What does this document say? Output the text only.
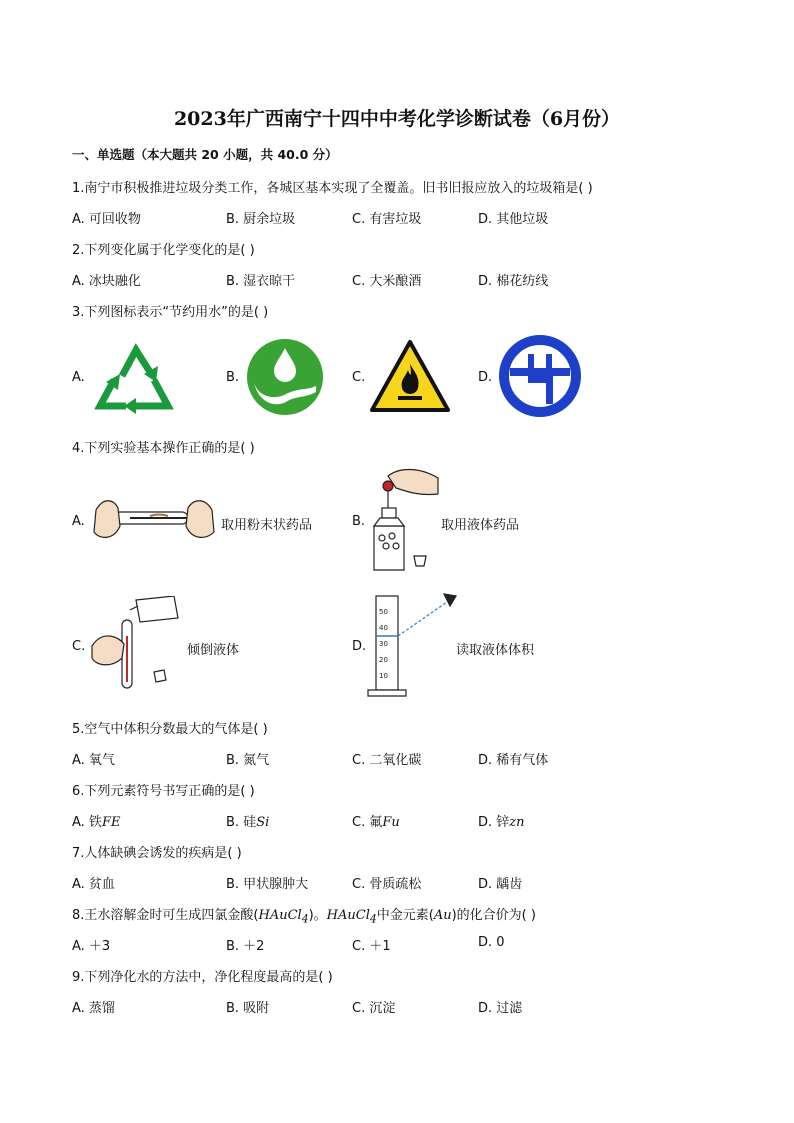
2023年广西南宁十四中中考化学诊断试卷（6月份）
一、单选题（本大题共 20 小题，共 40.0 分）
1.南宁市积极推进垃圾分类工作，各城区基本实现了全覆盖。旧书旧报应放入的垃圾箱是( )
A. 可回收物	B. 厨余垃圾	C. 有害垃圾	D. 其他垃圾
2.下列变化属于化学变化的是( )
A. 冰块融化	B. 湿衣晾干	C. 大米酿酒	D. 棉花纺线
3.下列图标表示“节约用水”的是( )
A.	B.	C.	D.
4.下列实验基本操作正确的是( )
A.	取用粉末状药品	B.	取用液体药品
C.	倾倒液体	D.
50
40
30
20
10
读取液体体积
5.空气中体积分数最大的气体是( )
A. 氧气	B. 氮气	C. 二氧化碳	D. 稀有气体
6.下列元素符号书写正确的是( )
A. 铁FE	B. 硅Si	C. 氟Fu	D. 锌zn
7.人体缺碘会诱发的疾病是( )
A. 贫血	B. 甲状腺肿大	C. 骨质疏松	D. 龋齿
8.王水溶解金时可生成四氯金酸(HAuCl$_4$)。HAuCl$_4$中金元素(Au)的化合价为( )
A. ＋3	B. ＋2	C. ＋1	D. 0
9.下列净化水的方法中，净化程度最高的是( )
A. 蒸馏	B. 吸附	C. 沉淀	D. 过滤
